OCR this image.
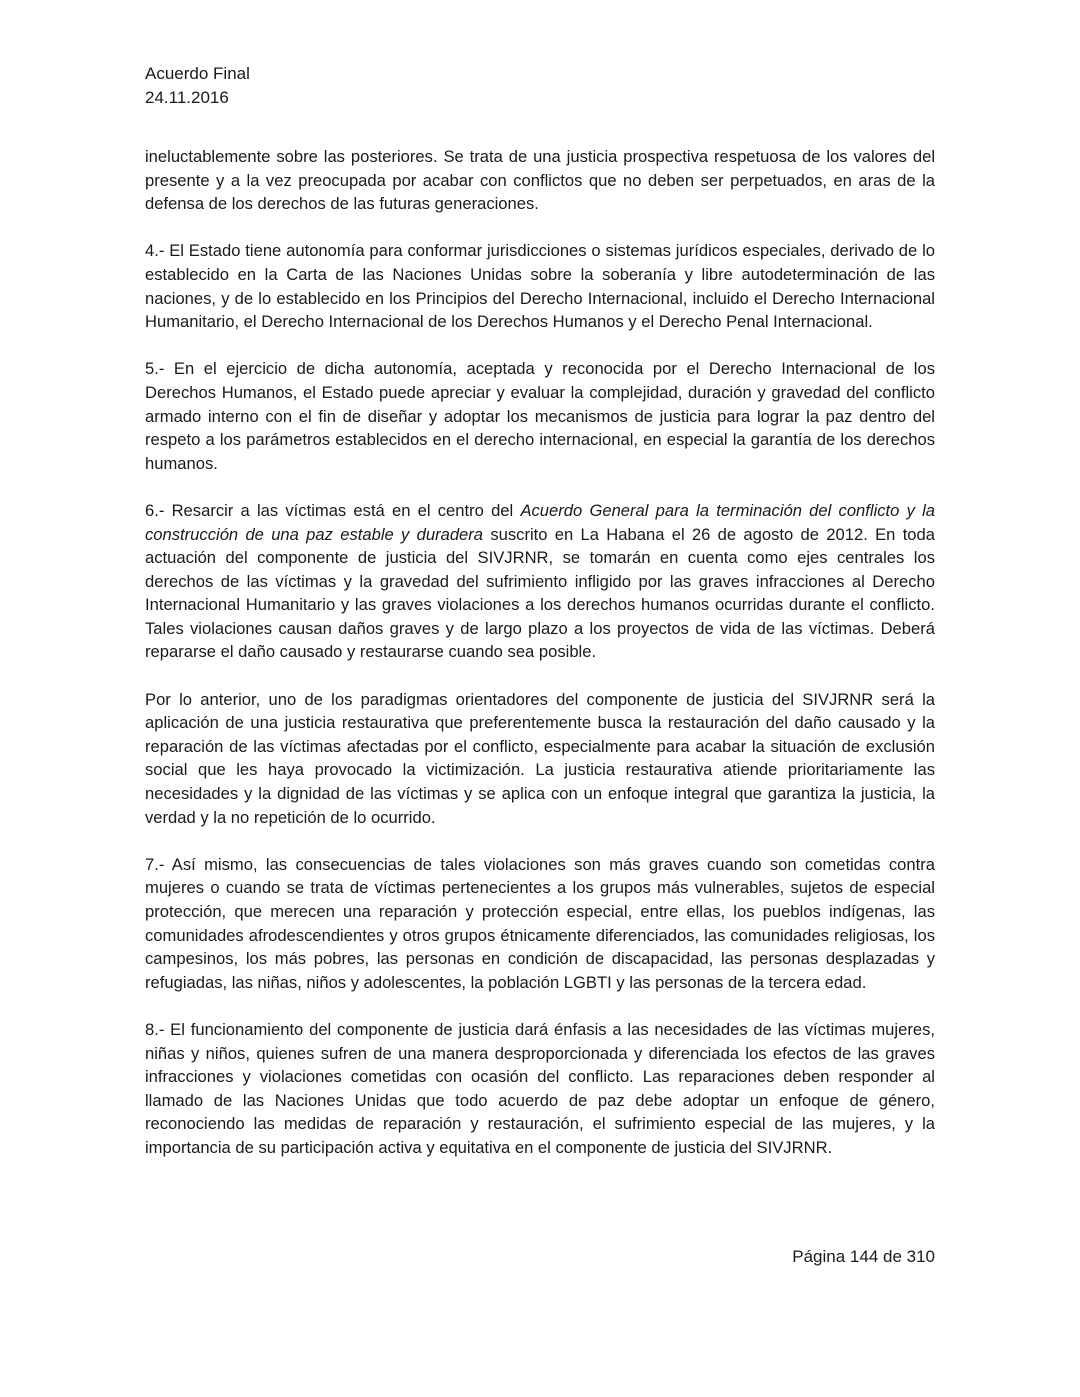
Acuerdo Final
24.11.2016

ineluctablemente sobre las posteriores. Se trata de una justicia prospectiva respetuosa de los valores del presente y a la vez preocupada por acabar con conflictos que no deben ser perpetuados, en aras de la defensa de los derechos de las futuras generaciones.

4.- El Estado tiene autonomía para conformar jurisdicciones o sistemas jurídicos especiales, derivado de lo establecido en la Carta de las Naciones Unidas sobre la soberanía y libre autodeterminación de las naciones, y de lo establecido en los Principios del Derecho Internacional, incluido el Derecho Internacional Humanitario, el Derecho Internacional de los Derechos Humanos y el Derecho Penal Internacional.

5.- En el ejercicio de dicha autonomía, aceptada y reconocida por el Derecho Internacional de los Derechos Humanos, el Estado puede apreciar y evaluar la complejidad, duración y gravedad del conflicto armado interno con el fin de diseñar y adoptar los mecanismos de justicia para lograr la paz dentro del respeto a los parámetros establecidos en el derecho internacional, en especial la garantía de los derechos humanos.

6.- Resarcir a las víctimas está en el centro del Acuerdo General para la terminación del conflicto y la construcción de una paz estable y duradera suscrito en La Habana el 26 de agosto de 2012. En toda actuación del componente de justicia del SIVJRNR, se tomarán en cuenta como ejes centrales los derechos de las víctimas y la gravedad del sufrimiento infligido por las graves infracciones al Derecho Internacional Humanitario y las graves violaciones a los derechos humanos ocurridas durante el conflicto. Tales violaciones causan daños graves y de largo plazo a los proyectos de vida de las víctimas. Deberá repararse el daño causado y restaurarse cuando sea posible.

Por lo anterior, uno de los paradigmas orientadores del componente de justicia del SIVJRNR será la aplicación de una justicia restaurativa que preferentemente busca la restauración del daño causado y la reparación de las víctimas afectadas por el conflicto, especialmente para acabar la situación de exclusión social que les haya provocado la victimización. La justicia restaurativa atiende prioritariamente las necesidades y la dignidad de las víctimas y se aplica con un enfoque integral que garantiza la justicia, la verdad y la no repetición de lo ocurrido.

7.- Así mismo, las consecuencias de tales violaciones son más graves cuando son cometidas contra mujeres o cuando se trata de víctimas pertenecientes a los grupos más vulnerables, sujetos de especial protección, que merecen una reparación y protección especial, entre ellas, los pueblos indígenas, las comunidades afrodescendientes y otros grupos étnicamente diferenciados, las comunidades religiosas, los campesinos, los más pobres, las personas en condición de discapacidad, las personas desplazadas y refugiadas, las niñas, niños y adolescentes, la población LGBTI y las personas de la tercera edad.

8.- El funcionamiento del componente de justicia dará énfasis a las necesidades de las víctimas mujeres, niñas y niños, quienes sufren de una manera desproporcionada y diferenciada los efectos de las graves infracciones y violaciones cometidas con ocasión del conflicto. Las reparaciones deben responder al llamado de las Naciones Unidas que todo acuerdo de paz debe adoptar un enfoque de género, reconociendo las medidas de reparación y restauración, el sufrimiento especial de las mujeres, y la importancia de su participación activa y equitativa en el componente de justicia del SIVJRNR.

Página 144 de 310
